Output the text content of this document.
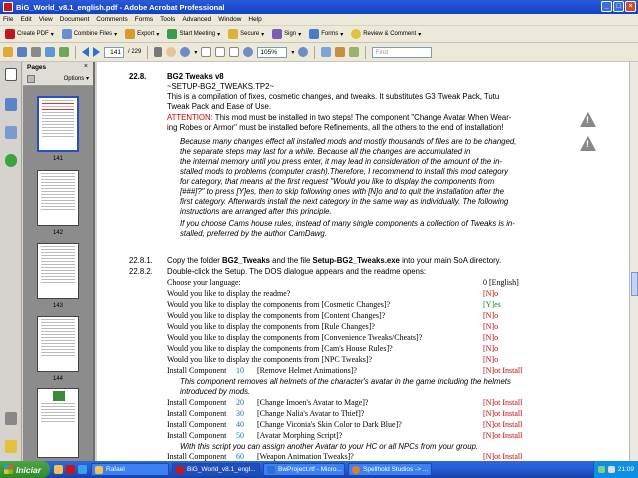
BiG_World_v8.1_english.pdf - Adobe Acrobat Professional	_	□	×
File Edit View Document Comments Forms Tools Advanced Window Help
Create PDF ▾	Combine Files ▾	Export ▾	Start Meeting ▾	Secure ▾	Sign ▾	Forms ▾	Review & Comment ▾
141	/ 229	▾	105%	▾	Find
Pages	×
Options ▾
141
142
143
144
22.8.	BG2 Tweaks v8
~SETUP-BG2_TWEAKS.TP2~
This is a compilation of fixes, cosmetic changes, and tweaks. It substitutes G3 Tweak Pack, Tutu
Tweak Pack and Ease of Use.
ATTENTION: This mod must be installed in two steps! The component "Change Avatar When Wear-
ing Robes or Armor" must be installed before Refinements, all the others to the end of installation!
!
!
Because many changes effect all installed mods and mostly thousands of files are to be changed,
the separate steps may last for a while. Because all the changes are accumulated in
the internal memory until you press enter, it may lead in consideration of the amount of the in-
stalled mods to problems (computer crash).Therefore, I recommend to install this mod category
for category, that means at the first request "Would you like to display the components from
[###]?" to press [Y]es, then to skip following ones with [N]o and to quit the installation after the
first category. Afterwards install the next category in the same way as individually. The following
instructions are arranged after this principle.
If you choose Cams house rules, instead of many single components a collection of Tweaks is in-
stalled, preferred by the author CamDawg.
22.8.1. Copy the folder BG2_Tweaks and the file Setup-BG2_Tweaks.exe into your main SoA directory.
22.8.2. Double-click the Setup. The DOS dialogue appears and the readme opens:
Choose your language:	0 [English]
Would you like to display the readme?	[N]o
Would you like to display the components from [Cosmetic Changes]?	[Y]es
Would you like to display the components from [Content Changes]?	[N]o
Would you like to display the components from [Rule Changes]?	[N]o
Would you like to display the components from [Convenience Tweaks/Cheats]?	[N]o
Would you like to display the components from [Cam's House Rules]?	[N]o
Would you like to display the components from [NPC Tweaks]?	[N]o
Install Component 10 [Remove Helmet Animations]?	[N]ot Install
This component removes all helmets of the character's avatar in the game including the helmets
introduced by mods.
Install Component 20 [Change Imoen's Avatar to Mage]?	[N]ot Install
Install Component 30 [Change Nalia's Avatar to Thief]?	[N]ot Install
Install Component 40 [Change Viconia's Skin Color to Dark Blue]?	[N]ot Install
Install Component 50 [Avatar Morphing Script]?	[N]ot Install
With this script you can assign another Avatar to your HC or all NPCs from your group.
Install Component 60 [Weapon Animation Tweaks]?	[N]ot Install
Iniciar	Rafael	BiG_World_v8.1_engl...	BwProject.rtf - Micro...	Spellhold Studios -> ...	21:09
